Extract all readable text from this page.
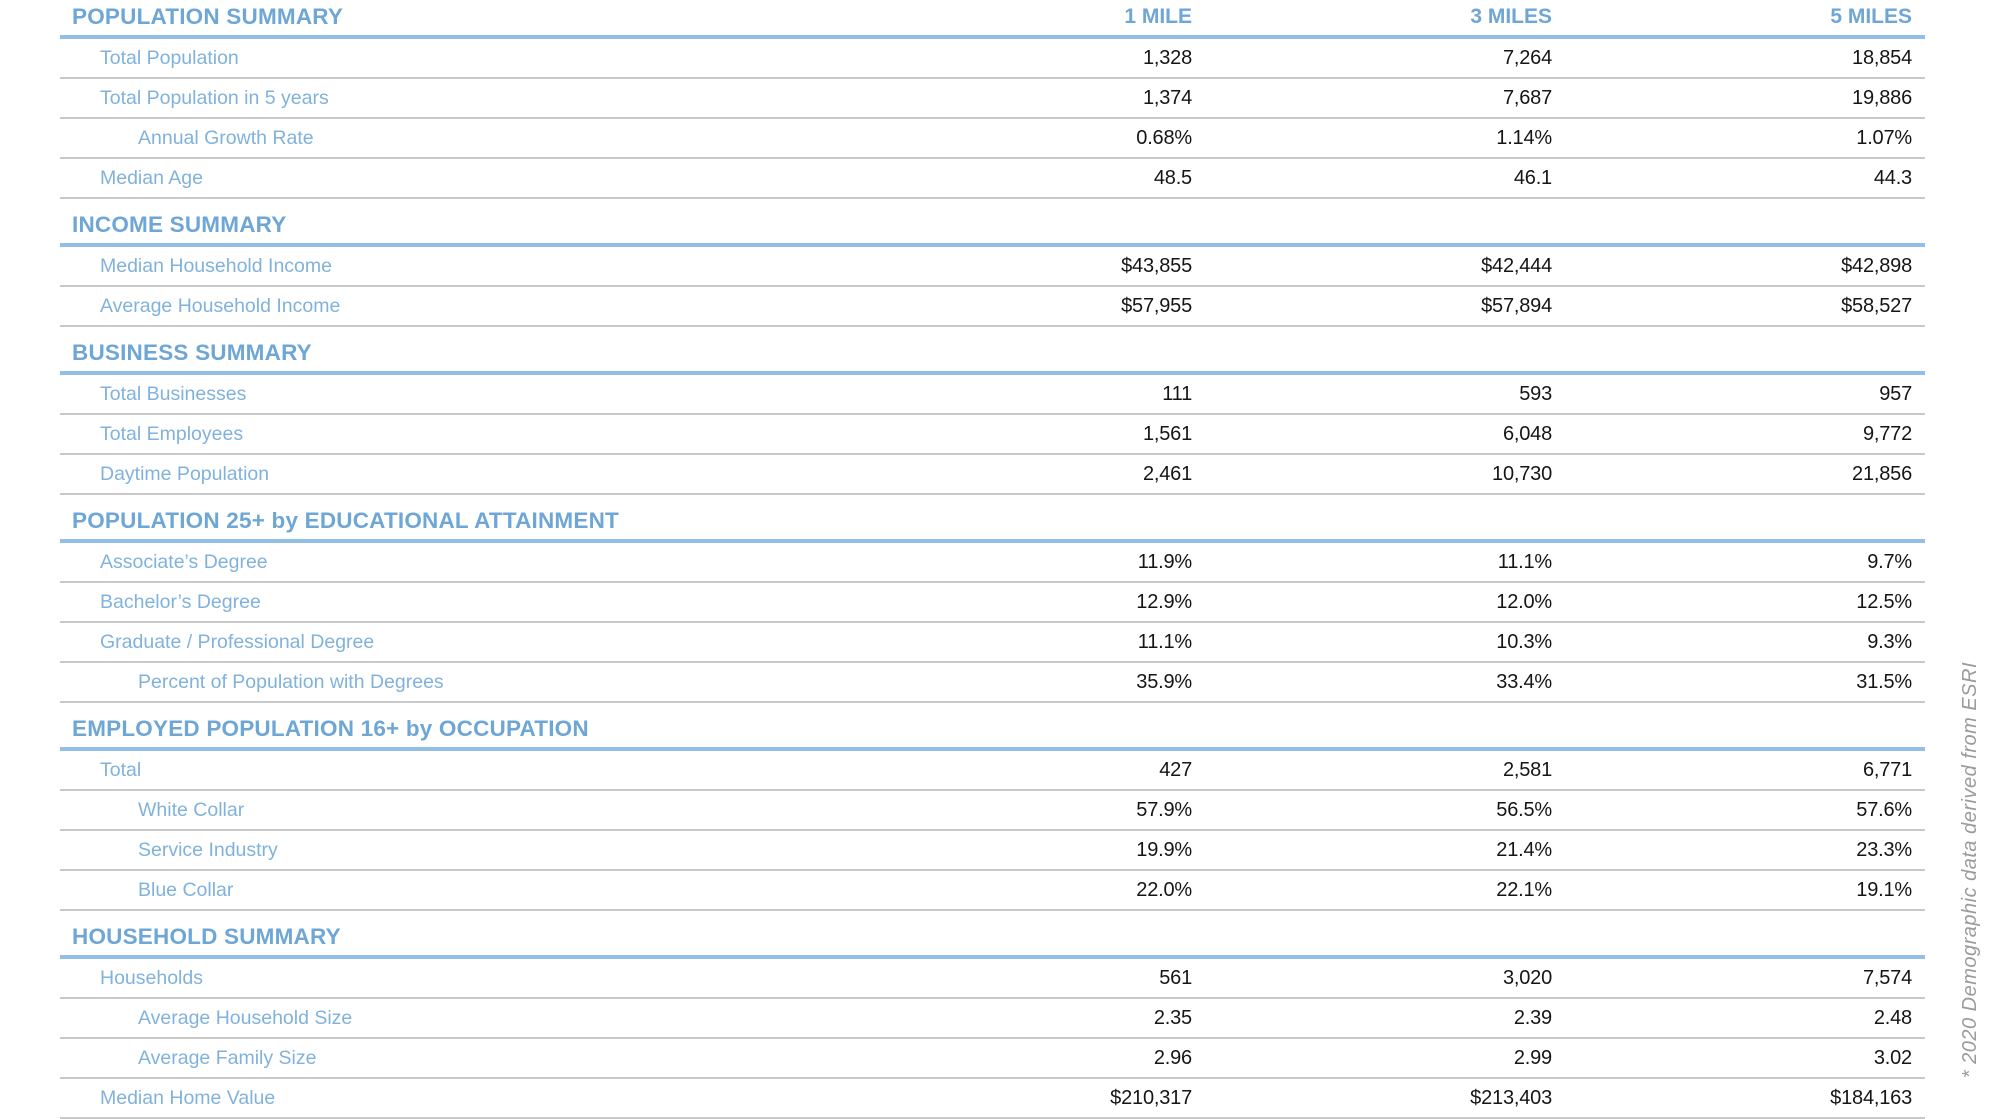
POPULATION SUMMARY	1 MILE	3 MILES	5 MILES
Total Population	1,328	7,264	18,854
Total Population in 5 years	1,374	7,687	19,886
Annual Growth Rate	0.68%	1.14%	1.07%
Median Age	48.5	46.1	44.3
INCOME SUMMARY
Median Household Income	$43,855	$42,444	$42,898
Average Household Income	$57,955	$57,894	$58,527
BUSINESS SUMMARY
Total Businesses	111	593	957
Total Employees	1,561	6,048	9,772
Daytime Population	2,461	10,730	21,856
POPULATION 25+ by EDUCATIONAL ATTAINMENT
Associate’s Degree	11.9%	11.1%	9.7%
Bachelor’s Degree	12.9%	12.0%	12.5%
Graduate / Professional Degree	11.1%	10.3%	9.3%
Percent of Population with Degrees	35.9%	33.4%	31.5%
EMPLOYED POPULATION 16+ by OCCUPATION
Total	427	2,581	6,771
White Collar	57.9%	56.5%	57.6%
Service Industry	19.9%	21.4%	23.3%
Blue Collar	22.0%	22.1%	19.1%
HOUSEHOLD SUMMARY
Households	561	3,020	7,574
Average Household Size	2.35	2.39	2.48
Average Family Size	2.96	2.99	3.02
Median Home Value	$210,317	$213,403	$184,163
* 2020 Demographic data derived from ESRI
